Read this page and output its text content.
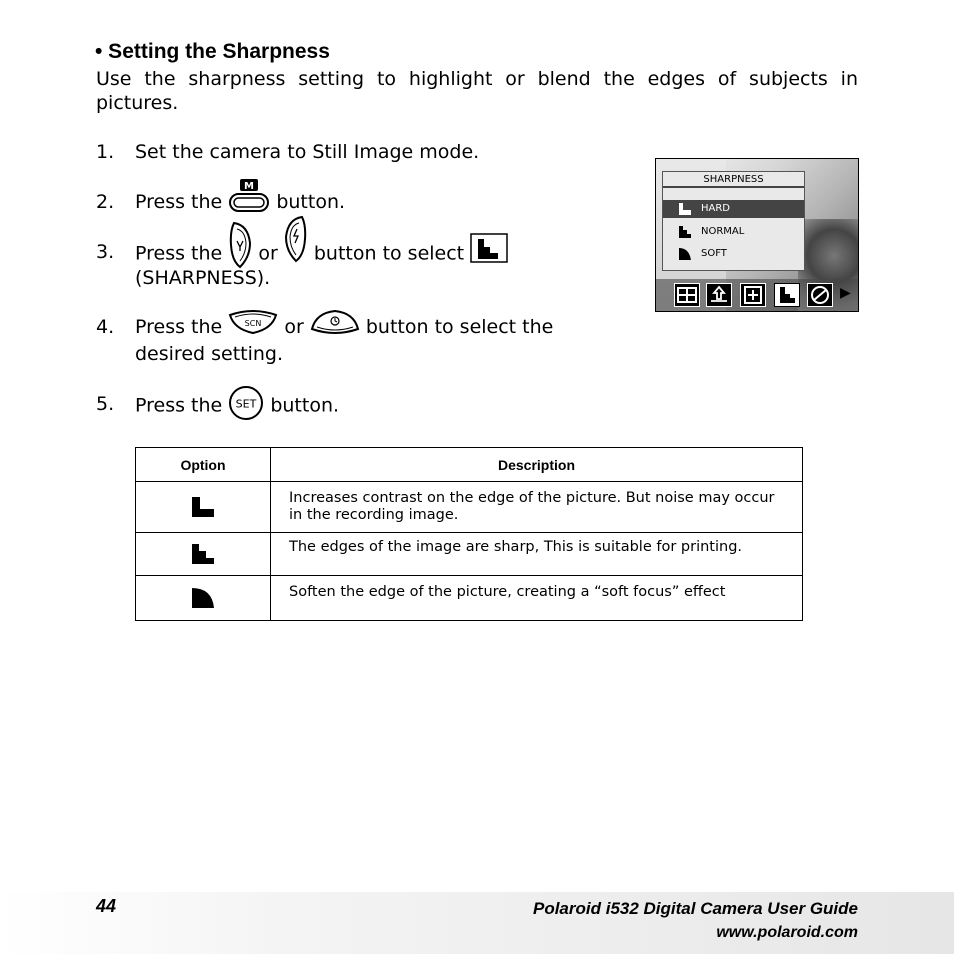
• Setting the Sharpness
Use the sharpness setting to highlight or blend the edges of subjects in pictures.
1. Set the camera to Still Image mode.
2. Press the
M
button.
3. Press the or button to select
(SHARPNESS).
4. Press the	SCN or	button to select the
desired setting.
5. Press the SET button.
SHARPNESS
HARD
NORMAL
SOFT
▶
Option	Description

	Increases contrast on the edge of the picture. But noise may occur in the recording image.

	The edges of the image are sharp, This is suitable for printing.

	Soften the edge of the picture, creating a “soft focus” effect
44	Polaroid i532 Digital Camera User Guide
www.polaroid.com
